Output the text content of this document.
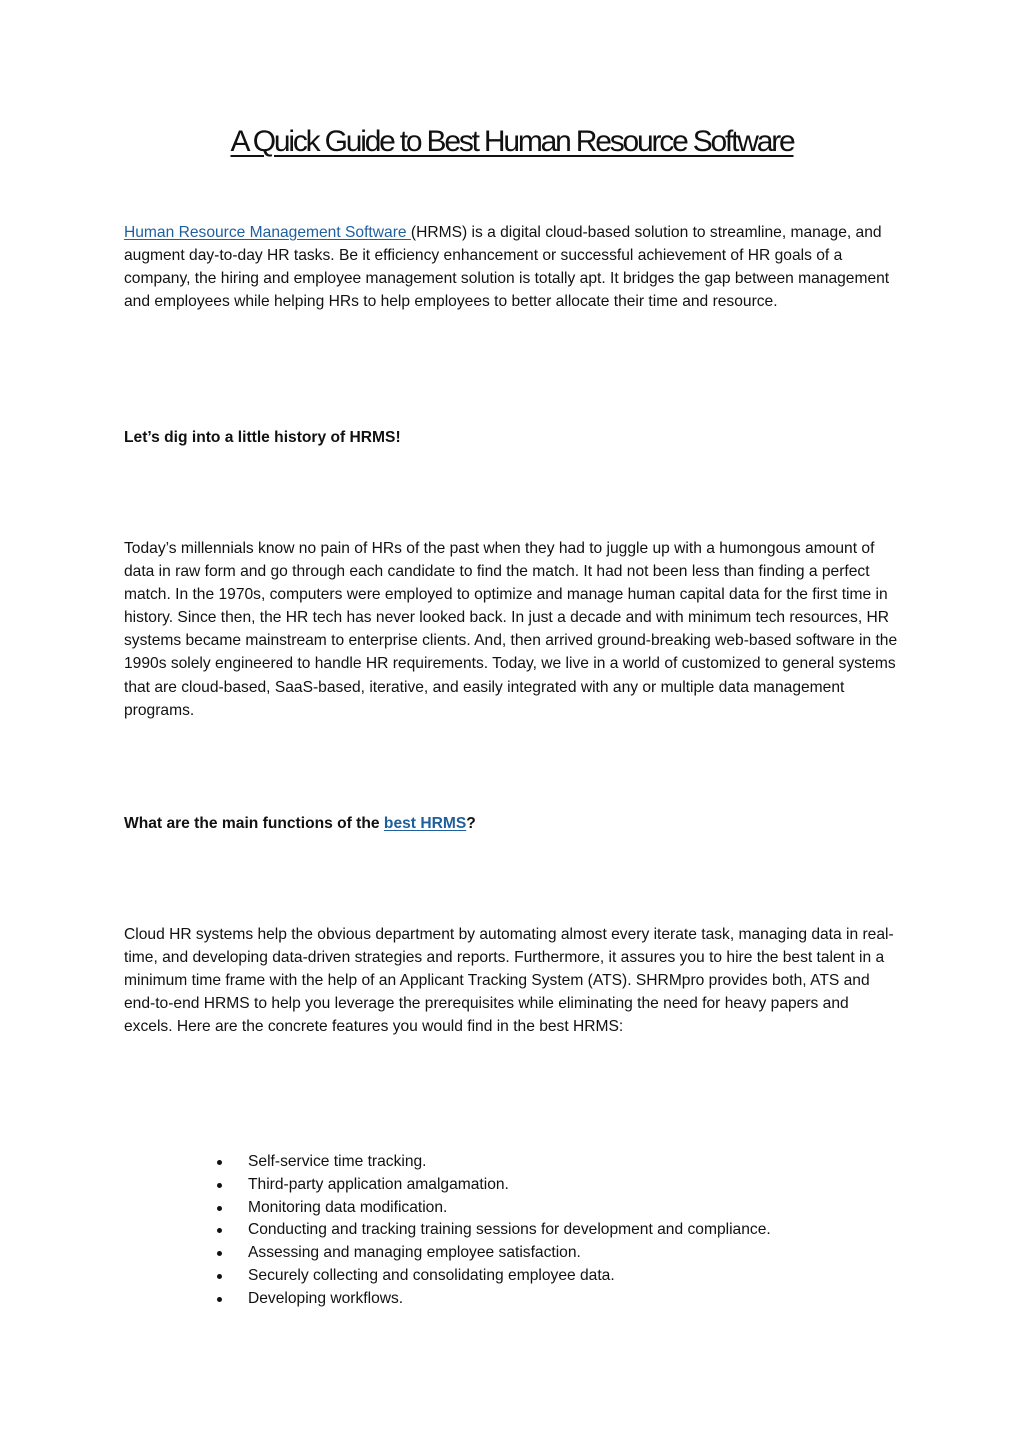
A Quick Guide to Best Human Resource Software

Human Resource Management Software (HRMS) is a digital cloud-based solution to streamline, manage, and augment day-to-day HR tasks. Be it efficiency enhancement or successful achievement of HR goals of a company, the hiring and employee management solution is totally apt. It bridges the gap between management and employees while helping HRs to help employees to better allocate their time and resource.

Let’s dig into a little history of HRMS!

Today’s millennials know no pain of HRs of the past when they had to juggle up with a humongous amount of data in raw form and go through each candidate to find the match. It had not been less than finding a perfect match. In the 1970s, computers were employed to optimize and manage human capital data for the first time in history. Since then, the HR tech has never looked back. In just a decade and with minimum tech resources, HR systems became mainstream to enterprise clients. And, then arrived ground-breaking web-based software in the 1990s solely engineered to handle HR requirements. Today, we live in a world of customized to general systems that are cloud-based, SaaS-based, iterative, and easily integrated with any or multiple data management programs.

What are the main functions of the best HRMS?

Cloud HR systems help the obvious department by automating almost every iterate task, managing data in real-time, and developing data-driven strategies and reports. Furthermore, it assures you to hire the best talent in a minimum time frame with the help of an Applicant Tracking System (ATS). SHRMpro provides both, ATS and end-to-end HRMS to help you leverage the prerequisites while eliminating the need for heavy papers and excels. Here are the concrete features you would find in the best HRMS:

Self-service time tracking.
Third-party application amalgamation.
Monitoring data modification.
Conducting and tracking training sessions for development and compliance.
Assessing and managing employee satisfaction.
Securely collecting and consolidating employee data.
Developing workflows.
